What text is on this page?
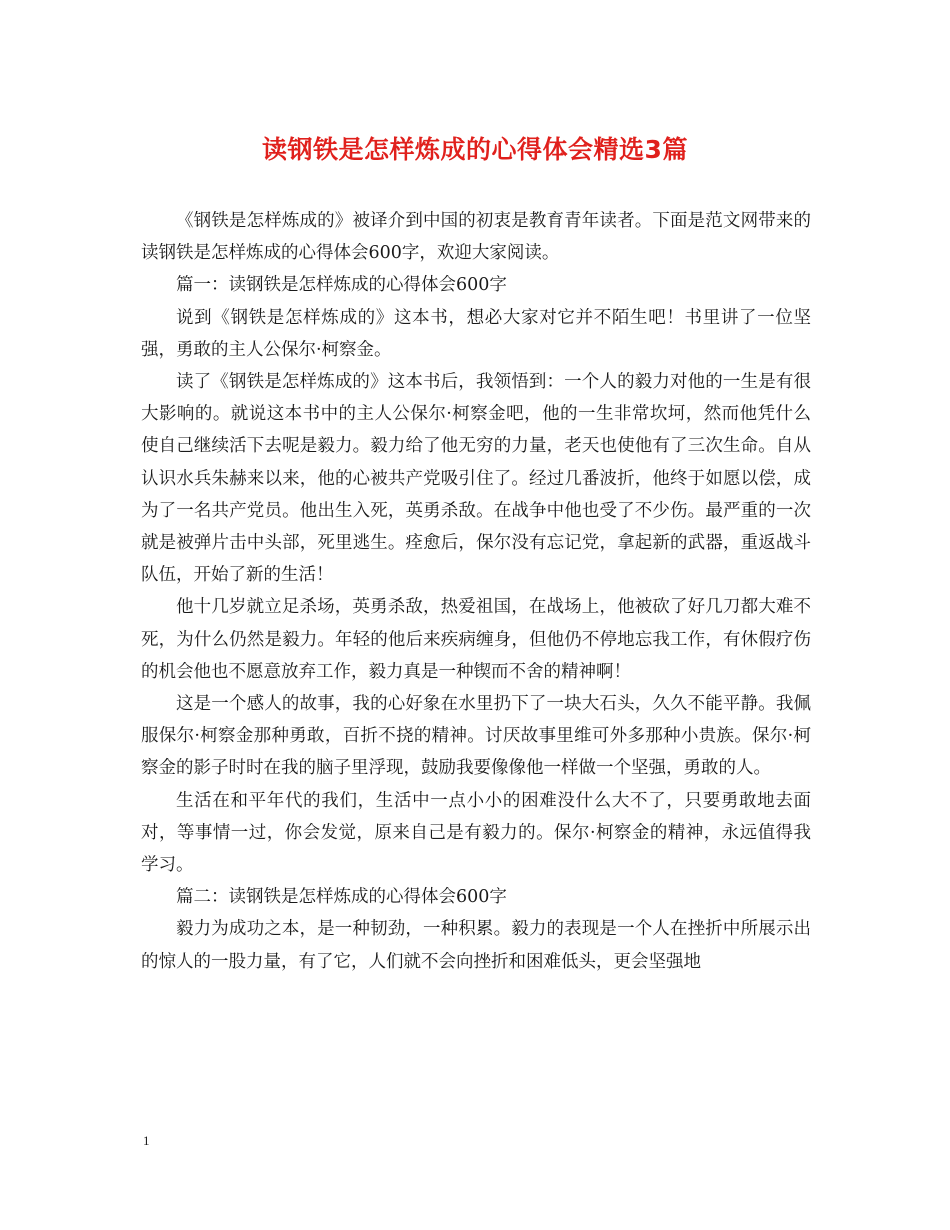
读钢铁是怎样炼成的心得体会精选3篇

《钢铁是怎样炼成的》被译介到中国的初衷是教育青年读者。下面是范文网带来的读钢铁是怎样炼成的心得体会600字，欢迎大家阅读。

篇一：读钢铁是怎样炼成的心得体会600字

说到《钢铁是怎样炼成的》这本书，想必大家对它并不陌生吧！书里讲了一位坚强，勇敢的主人公保尔·柯察金。

读了《钢铁是怎样炼成的》这本书后，我领悟到：一个人的毅力对他的一生是有很大影响的。就说这本书中的主人公保尔·柯察金吧，他的一生非常坎坷，然而他凭什么使自己继续活下去呢是毅力。毅力给了他无穷的力量，老天也使他有了三次生命。自从认识水兵朱赫来以来，他的心被共产党吸引住了。经过几番波折，他终于如愿以偿，成为了一名共产党员。他出生入死，英勇杀敌。在战争中他也受了不少伤。最严重的一次就是被弹片击中头部，死里逃生。痊愈后，保尔没有忘记党，拿起新的武器，重返战斗队伍，开始了新的生活！

他十几岁就立足杀场，英勇杀敌，热爱祖国，在战场上，他被砍了好几刀都大难不死，为什么仍然是毅力。年轻的他后来疾病缠身，但他仍不停地忘我工作，有休假疗伤的机会他也不愿意放弃工作，毅力真是一种锲而不舍的精神啊！

这是一个感人的故事，我的心好象在水里扔下了一块大石头，久久不能平静。我佩服保尔·柯察金那种勇敢，百折不挠的精神。讨厌故事里维可外多那种小贵族。保尔·柯察金的影子时时在我的脑子里浮现，鼓励我要像像他一样做一个坚强，勇敢的人。

生活在和平年代的我们，生活中一点小小的困难没什么大不了，只要勇敢地去面对，等事情一过，你会发觉，原来自己是有毅力的。保尔·柯察金的精神，永远值得我学习。

篇二：读钢铁是怎样炼成的心得体会600字

毅力为成功之本，是一种韧劲，一种积累。毅力的表现是一个人在挫折中所展示出的惊人的一股力量，有了它，人们就不会向挫折和困难低头，更会坚强地

1
